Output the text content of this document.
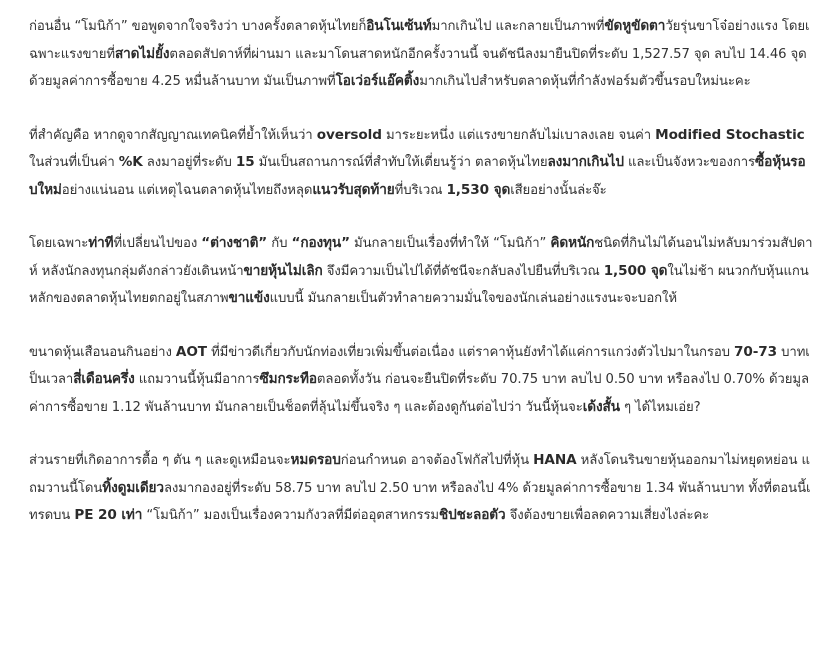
ก่อนอื่น “โมนิก้า” ขอพูดจากใจจริงว่า บางครั้งตลาดหุ้นไทยก็อินโนเซ้นท์มากเกินไป และกลายเป็นภาพที่ขัดหูขัดตาวัยรุ่นขาโจ๋อย่างแรง โดยเฉพาะแรงขายที่สาดไม่ยั้งตลอดสัปดาห์ที่ผ่านมา และมาโดนสาดหนักอีกครั้งวานนี้ จนดัชนีลงมายืนปิดที่ระดับ 1,527.57 จุด ลบไป 14.46 จุด ด้วยมูลค่าการซื้อขาย 4.25 หมื่นล้านบาท มันเป็นภาพที่โอเว่อร์แอ๊คติ้งมากเกินไปสำหรับตลาดหุ้นที่กำลังฟอร์มตัวขึ้นรอบใหม่นะคะ

ที่สำคัญคือ หากดูจากสัญญาณเทคนิคที่ย้ำให้เห็นว่า oversold มาระยะหนึ่ง แต่แรงขายกลับไม่เบาลงเลย จนค่า Modified Stochastic ในส่วนที่เป็นค่า %K ลงมาอยู่ที่ระดับ 15 มันเป็นสถานการณ์ที่สำทับให้เตี่ยนรู้ว่า ตลาดหุ้นไทยลงมากเกินไป และเป็นจังหวะของการซื้อหุ้นรอบใหม่อย่างแน่นอน แต่เหตุไฉนตลาดหุ้นไทยถึงหลุดแนวรับสุดท้ายที่บริเวณ 1,530 จุดเสียอย่างนั้นล่ะจ๊ะ

โดยเฉพาะท่าทีที่เปลี่ยนไปของ “ต่างชาติ” กับ “กองทุน” มันกลายเป็นเรื่องที่ทำให้ “โมนิก้า” คิดหนักชนิดที่กินไม่ได้นอนไม่หลับมาร่วมสัปดาห์ หลังนักลงทุนกลุ่มดังกล่าวยังเดินหน้าขายหุ้นไม่เลิก จึงมีความเป็นไปได้ที่ดัชนีจะกลับลงไปยืนที่บริเวณ 1,500 จุดในไม่ช้า ผนวกกับหุ้นแกนหลักของตลาดหุ้นไทยตกอยู่ในสภาพขาแข้งแบบนี้ มันกลายเป็นตัวทำลายความมั่นใจของนักเล่นอย่างแรงนะจะบอกให้

ขนาดหุ้นเสือนอนกินอย่าง AOT ที่มีข่าวดีเกี่ยวกับนักท่องเที่ยวเพิ่มขึ้นต่อเนื่อง แต่ราคาหุ้นยังทำได้แค่การแกว่งตัวไปมาในกรอบ 70-73 บาทเป็นเวลาสี่เดือนครึ่ง แถมวานนี้หุ้นมีอาการซึมกระทือตลอดทั้งวัน ก่อนจะยืนปิดที่ระดับ 70.75 บาท ลบไป 0.50 บาท หรือลงไป 0.70% ด้วยมูลค่าการซื้อขาย 1.12 พันล้านบาท มันกลายเป็นช็อตที่ลุ้นไม่ขึ้นจริง ๆ และต้องดูกันต่อไปว่า วันนี้หุ้นจะเด้งสั้น ๆ ได้ไหมเอ่ย?

ส่วนรายที่เกิดอาการตื้อ ๆ ตัน ๆ และดูเหมือนจะหมดรอบก่อนกำหนด อาจต้องโฟกัสไปที่หุ้น HANA หลังโดนรินขายหุ้นออกมาไม่หยุดหย่อน แถมวานนี้โดนทิ้งดูมเดียวลงมากองอยู่ที่ระดับ 58.75 บาท ลบไป 2.50 บาท หรือลงไป 4% ด้วยมูลค่าการซื้อขาย 1.34 พันล้านบาท ทั้งที่ตอนนี้เทรดบน PE 20 เท่า “โมนิก้า” มองเป็นเรื่องความกังวลที่มีต่ออุตสาหกรรมชิปชะลอตัว จึงต้องขายเพื่อลดความเสี่ยงไงล่ะคะ
